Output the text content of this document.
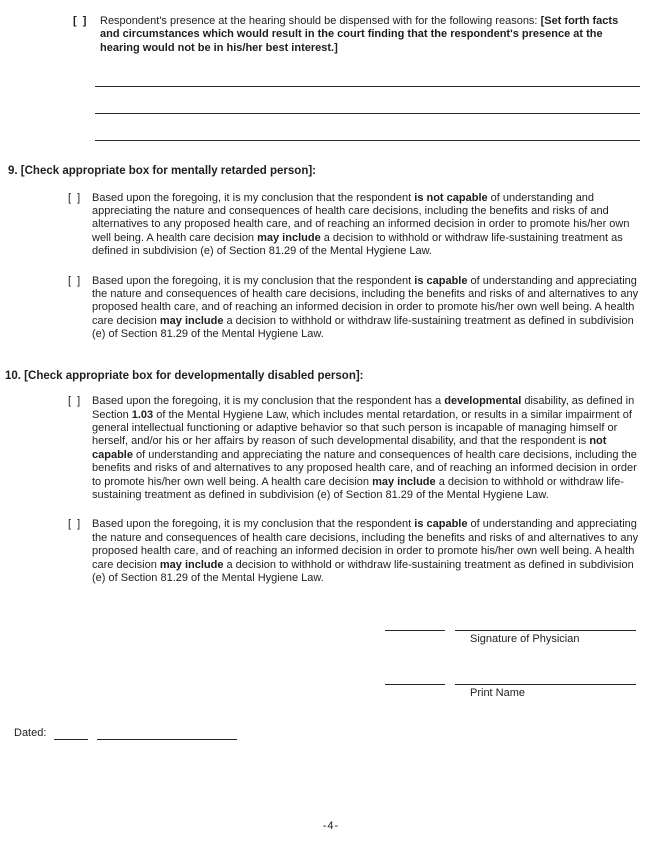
[  ]	Respondent's presence at the hearing should be dispensed with for the following reasons: [Set forth facts and circumstances which would result in the court finding that the respondent's presence at the hearing would not be in his/her best interest.]
9. [Check appropriate box for mentally retarded person]:
[  ]	Based upon the foregoing, it is my conclusion that the respondent is not capable of understanding and appreciating the nature and consequences of health care decisions, including the benefits and risks of and alternatives to any proposed health care, and of reaching an informed decision in order to promote his/her own well being. A health care decision may include a decision to withhold or withdraw life-sustaining treatment as defined in subdivision (e) of Section 81.29 of the Mental Hygiene Law.
[  ]	Based upon the foregoing, it is my conclusion that the respondent is capable of understanding and appreciating the nature and consequences of health care decisions, including the benefits and risks of and alternatives to any proposed health care, and of reaching an informed decision in order to promote his/her own well being. A health care decision may include a decision to withhold or withdraw life-sustaining treatment as defined in subdivision (e) of Section 81.29 of the Mental Hygiene Law.
10. [Check appropriate box for developmentally disabled person]:
[  ]	Based upon the foregoing, it is my conclusion that the respondent has a developmental disability, as defined in Section 1.03 of the Mental Hygiene Law, which includes mental retardation, or results in a similar impairment of general intellectual functioning or adaptive behavior so that such person is incapable of managing himself or herself, and/or his or her affairs by reason of such developmental disability, and that the respondent is not capable of understanding and appreciating the nature and consequences of health care decisions, including the benefits and risks of and alternatives to any proposed health care, and of reaching an informed decision in order to promote his/her own well being. A health care decision may include a decision to withhold or withdraw life-sustaining treatment as defined in subdivision (e) of Section 81.29 of the Mental Hygiene Law.
[  ]	Based upon the foregoing, it is my conclusion that the respondent is capable of understanding and appreciating the nature and consequences of health care decisions, including the benefits and risks of and alternatives to any proposed health care, and of reaching an informed decision in order to promote his/her own well being. A health care decision may include a decision to withhold or withdraw life-sustaining treatment as defined in subdivision (e) of Section 81.29 of the Mental Hygiene Law.
Signature of Physician
Print Name
Dated:
-4-
